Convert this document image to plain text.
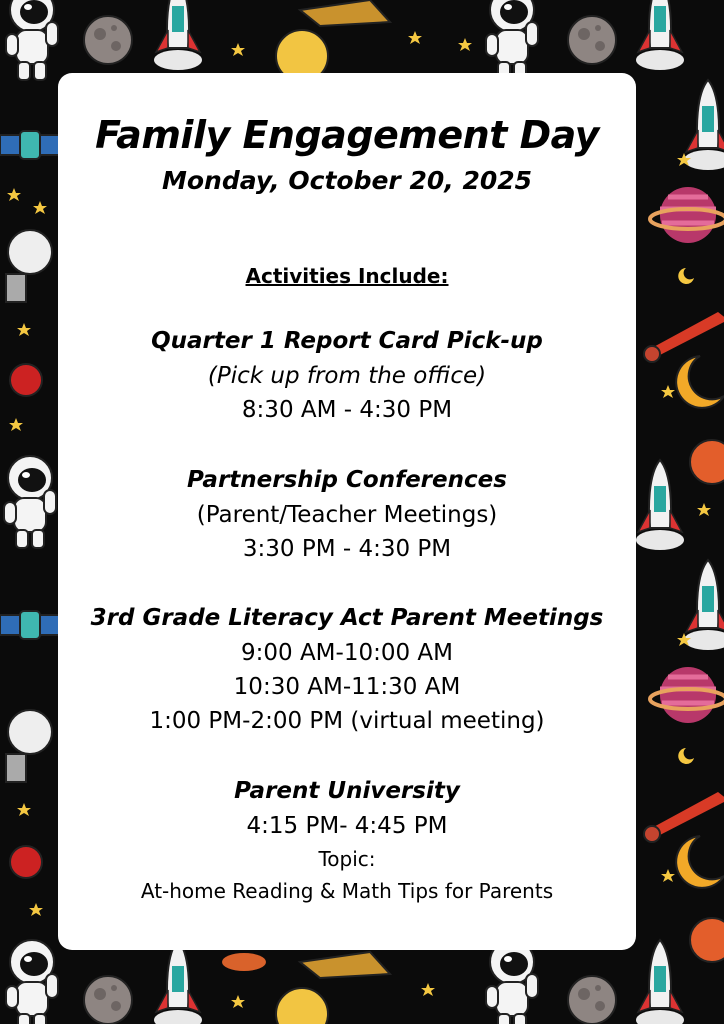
Family Engagement Day
Monday, October 20, 2025
Activities Include:
Quarter 1 Report Card Pick-up
(Pick up from the office)
8:30 AM - 4:30 PM
Partnership Conferences
(Parent/Teacher Meetings)
3:30 PM - 4:30 PM
3rd Grade Literacy Act Parent Meetings
9:00 AM-10:00 AM
10:30 AM-11:30 AM
1:00 PM-2:00 PM (virtual meeting)
Parent University
4:15 PM- 4:45 PM
Topic:
At-home Reading & Math Tips for Parents
